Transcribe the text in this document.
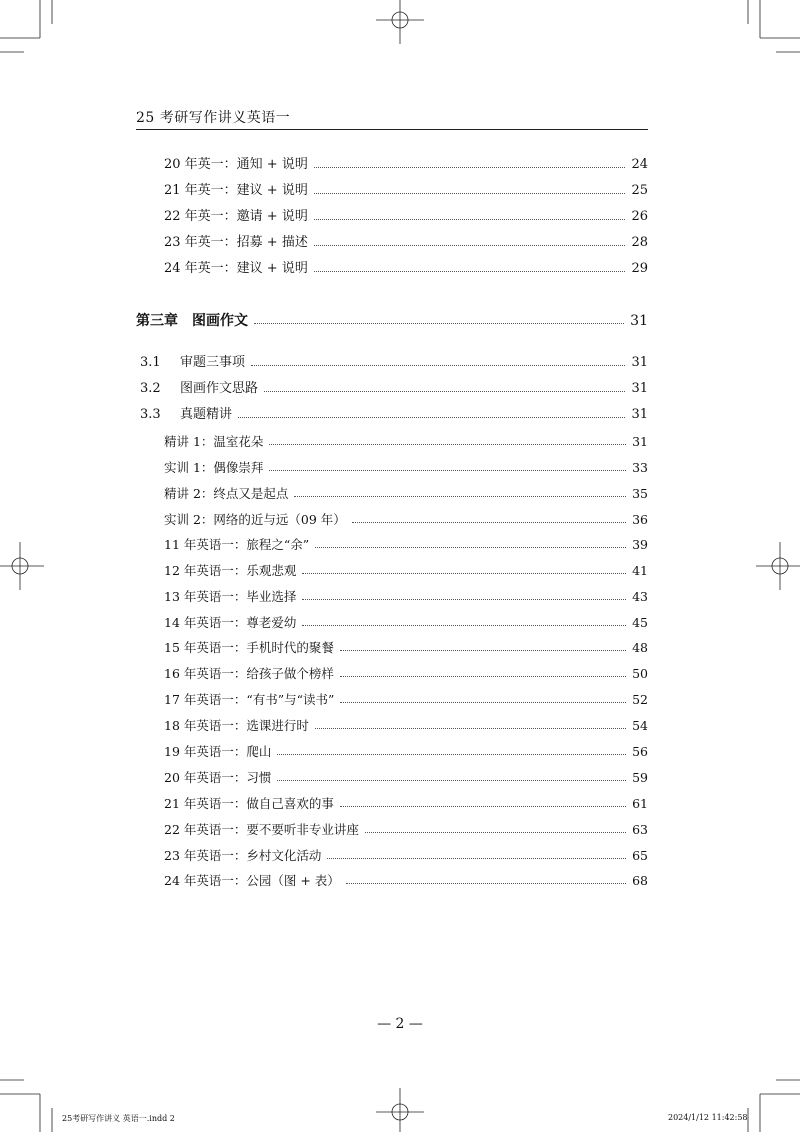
25 考研写作讲义英语一
20 年英一：通知 + 说明	24
21 年英一：建议 + 说明	25
22 年英一：邀请 + 说明	26
23 年英一：招募 + 描述	28
24 年英一：建议 + 说明	29
第三章　图画作文	31
3.1	审题三事项	31
3.2	图画作文思路	31
3.3	真题精讲	31
精讲 1：温室花朵	31
实训 1：偶像崇拜	33
精讲 2：终点又是起点	35
实训 2：网络的近与远（09 年）	36
11 年英语一：旅程之“余”	39
12 年英语一：乐观悲观	41
13 年英语一：毕业选择	43
14 年英语一：尊老爱幼	45
15 年英语一：手机时代的聚餐	48
16 年英语一：给孩子做个榜样	50
17 年英语一：“有书”与“读书”	52
18 年英语一：选课进行时	54
19 年英语一：爬山	56
20 年英语一：习惯	59
21 年英语一：做自己喜欢的事	61
22 年英语一：要不要听非专业讲座	63
23 年英语一：乡村文化活动	65
24 年英语一：公园（图 + 表）	68
— 2 —
25考研写作讲义 英语一.indd 2	2024/1/12 11:42:58
